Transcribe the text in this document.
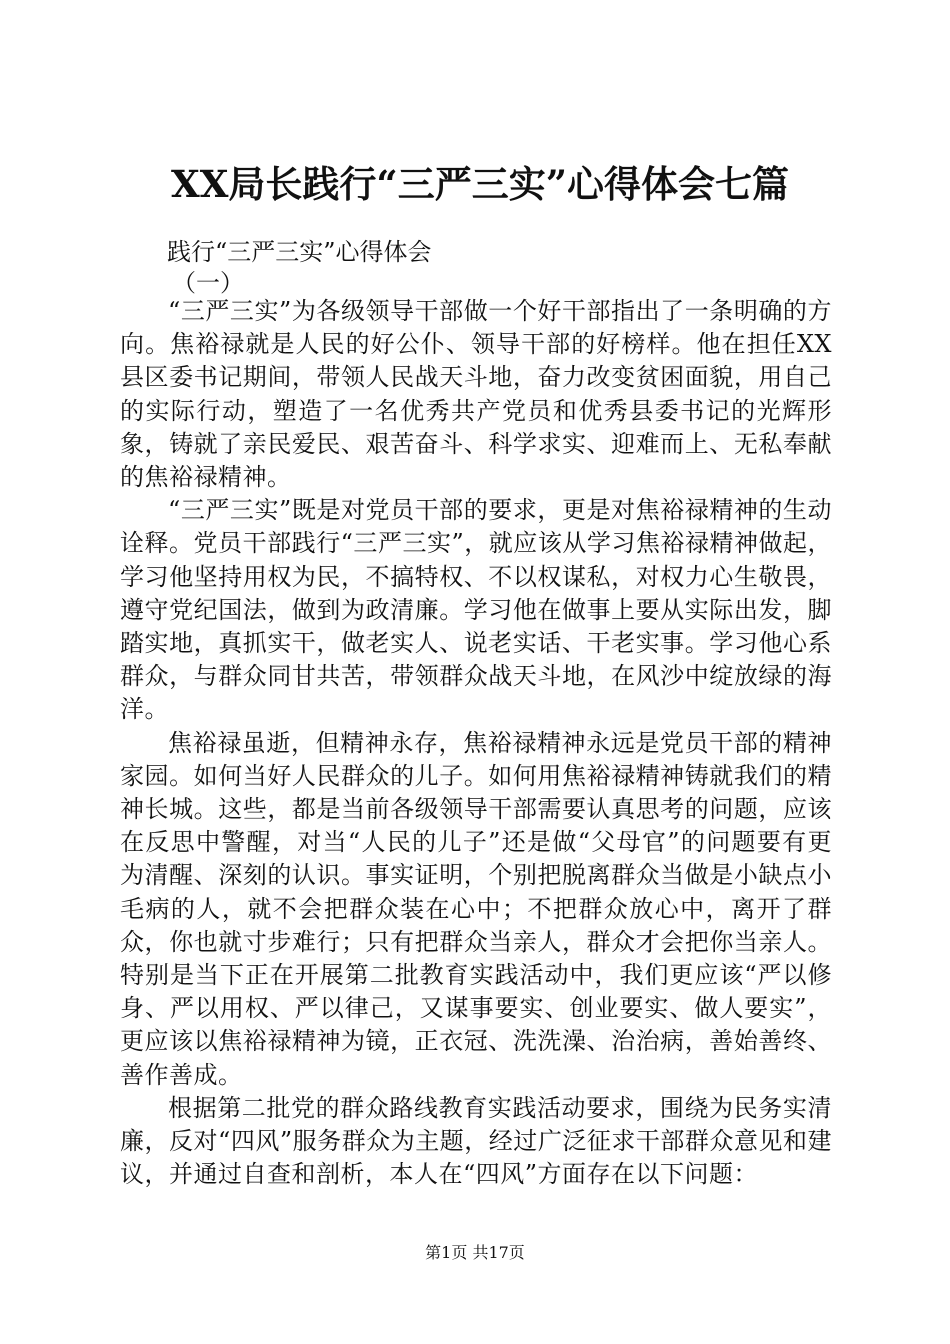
XX局长践行“三严三实”心得体会七篇
践行“三严三实”心得体会
（一）

“三严三实”为各级领导干部做一个好干部指出了一条明确的方向。焦裕禄就是人民的好公仆、领导干部的好榜样。他在担任XX县区委书记期间，带领人民战天斗地，奋力改变贫困面貌，用自己的实际行动，塑造了一名优秀共产党员和优秀县委书记的光辉形象，铸就了亲民爱民、艰苦奋斗、科学求实、迎难而上、无私奉献的焦裕禄精神。

“三严三实”既是对党员干部的要求，更是对焦裕禄精神的生动诠释。党员干部践行“三严三实”，就应该从学习焦裕禄精神做起，学习他坚持用权为民，不搞特权、不以权谋私，对权力心生敬畏，遵守党纪国法，做到为政清廉。学习他在做事上要从实际出发，脚踏实地，真抓实干，做老实人、说老实话、干老实事。学习他心系群众，与群众同甘共苦，带领群众战天斗地，在风沙中绽放绿的海洋。

焦裕禄虽逝，但精神永存，焦裕禄精神永远是党员干部的精神家园。如何当好人民群众的儿子。如何用焦裕禄精神铸就我们的精神长城。这些，都是当前各级领导干部需要认真思考的问题，应该在反思中警醒，对当“人民的儿子”还是做“父母官”的问题要有更为清醒、深刻的认识。事实证明，个别把脱离群众当做是小缺点小毛病的人，就不会把群众装在心中；不把群众放心中，离开了群众，你也就寸步难行；只有把群众当亲人，群众才会把你当亲人。特别是当下正在开展第二批教育实践活动中，我们更应该“严以修身、严以用权、严以律己，又谋事要实、创业要实、做人要实”，更应该以焦裕禄精神为镜，正衣冠、洗洗澡、治治病，善始善终、善作善成。

根据第二批党的群众路线教育实践活动要求，围绕为民务实清廉，反对“四风”服务群众为主题，经过广泛征求干部群众意见和建议，并通过自查和剖析，本人在“四风”方面存在以下问题：

第1页 共17页
